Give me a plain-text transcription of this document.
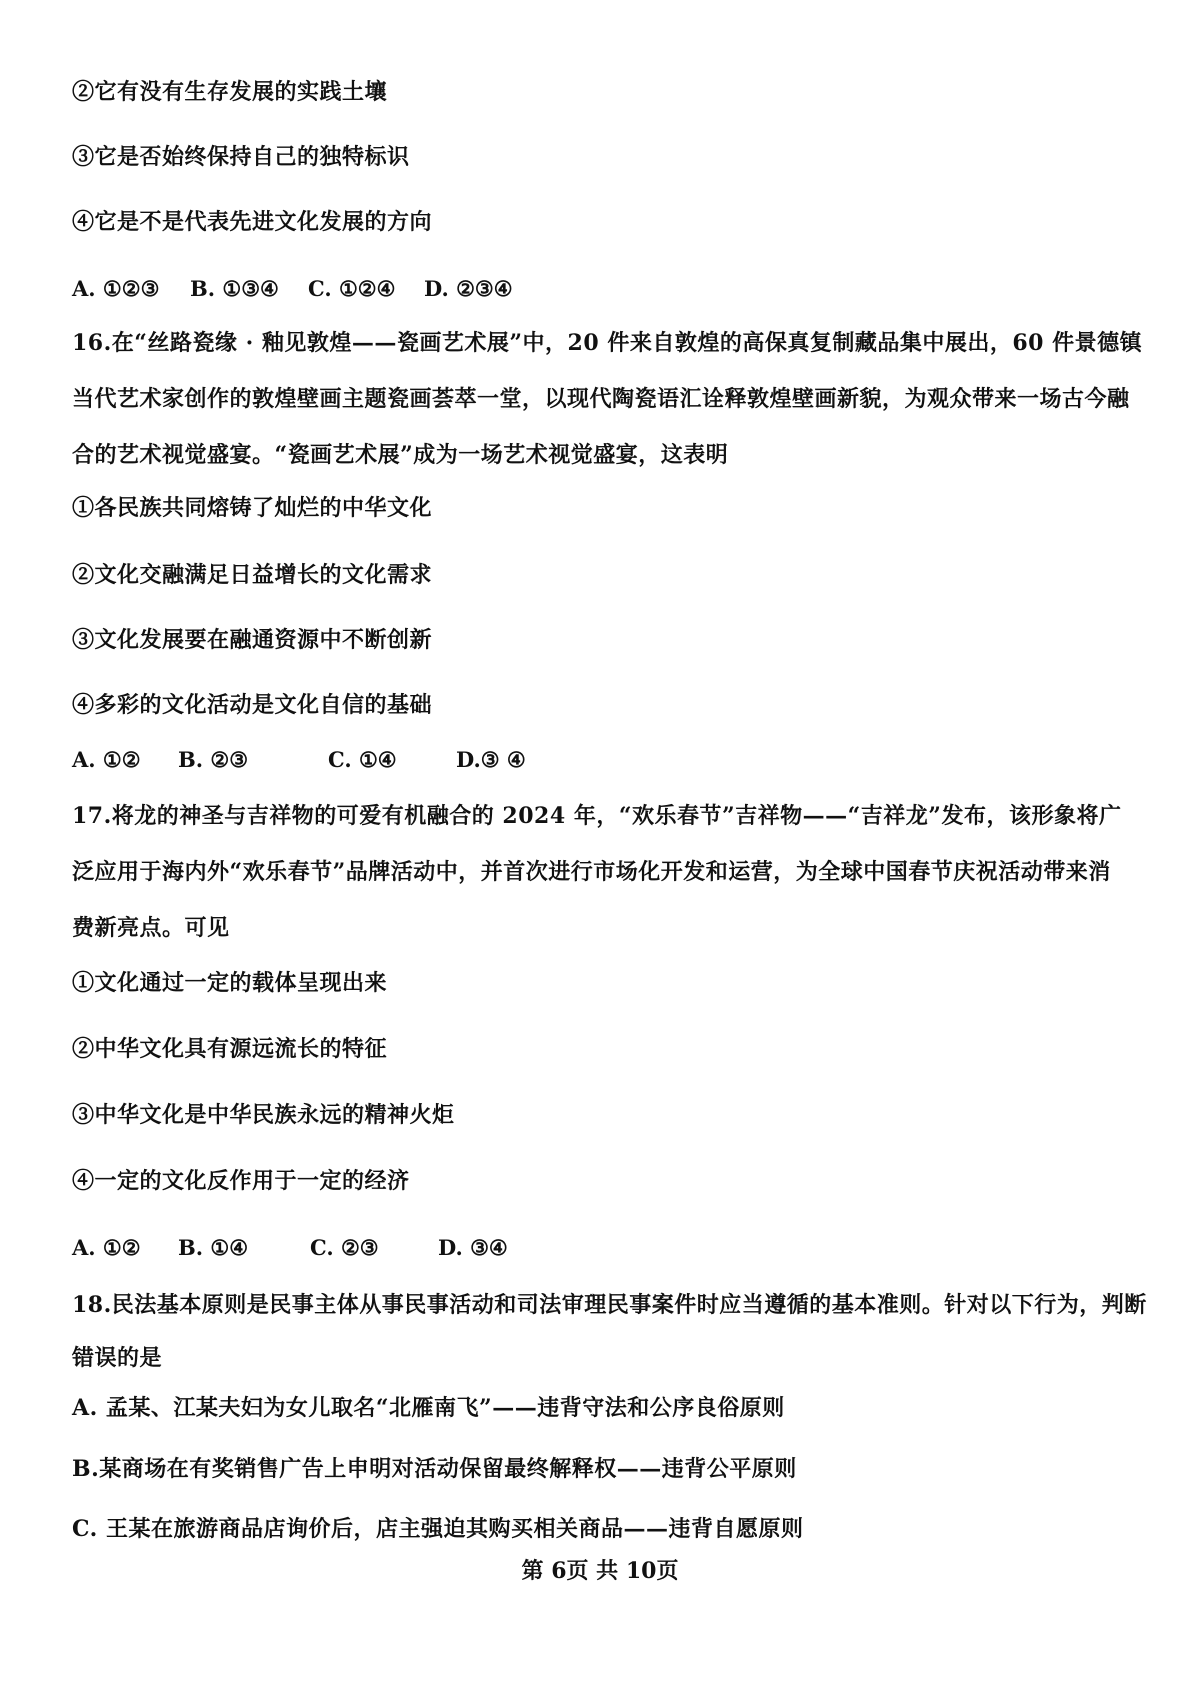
②它有没有生存发展的实践土壤
③它是否始终保持自己的独特标识
④它是不是代表先进文化发展的方向
A. ①②③ B. ①③④ C. ①②④ D. ②③④
16.在“丝路瓷缘 · 釉见敦煌——瓷画艺术展”中，20 件来自敦煌的高保真复制藏品集中展出，60 件景德镇
当代艺术家创作的敦煌壁画主题瓷画荟萃一堂，以现代陶瓷语汇诠释敦煌壁画新貌，为观众带来一场古今融
合的艺术视觉盛宴。“瓷画艺术展”成为一场艺术视觉盛宴，这表明
①各民族共同熔铸了灿烂的中华文化
②文化交融满足日益增长的文化需求
③文化发展要在融通资源中不断创新
④多彩的文化活动是文化自信的基础
A. ①② B. ②③	C. ①④	D.③ ④
17.将龙的神圣与吉祥物的可爱有机融合的 2024 年，“欢乐春节”吉祥物——“吉祥龙”发布，该形象将广
泛应用于海内外“欢乐春节”品牌活动中，并首次进行市场化开发和运营，为全球中国春节庆祝活动带来消
费新亮点。可见
①文化通过一定的载体呈现出来
②中华文化具有源远流长的特征
③中华文化是中华民族永远的精神火炬
④一定的文化反作用于一定的经济
A. ①② B. ①④	C. ②③	D. ③④
18.民法基本原则是民事主体从事民事活动和司法审理民事案件时应当遵循的基本准则。针对以下行为，判断
错误的是
A. 孟某、江某夫妇为女儿取名“北雁南飞”——违背守法和公序良俗原则
B.某商场在有奖销售广告上申明对活动保留最终解释权——违背公平原则
C. 王某在旅游商品店询价后，店主强迫其购买相关商品——违背自愿原则
第 6页 共 10页
